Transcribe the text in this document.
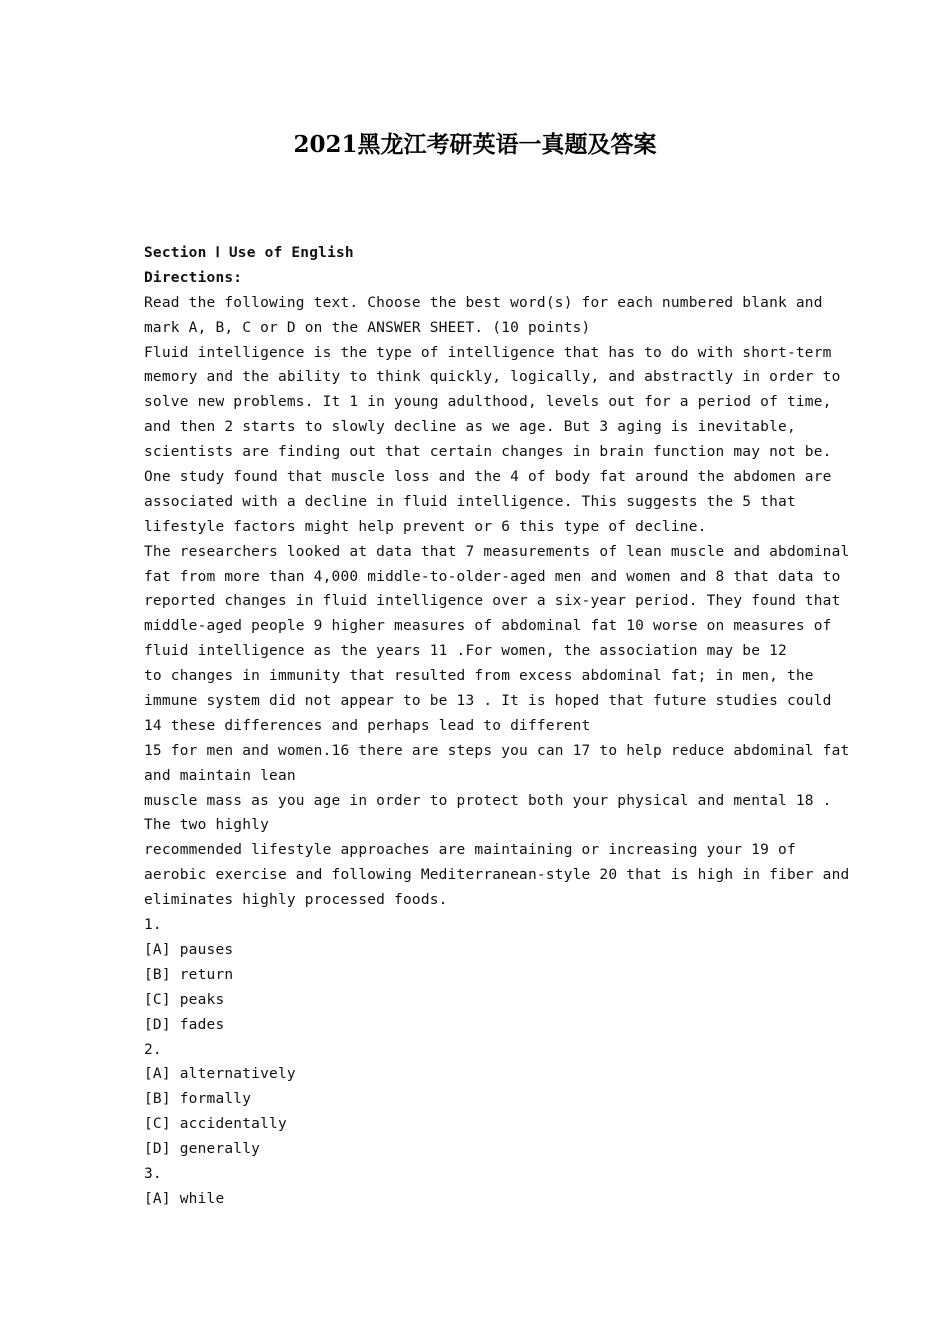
2021黑龙江考研英语一真题及答案
Section Ⅰ Use of English
Directions:
Read the following text. Choose the best word(s) for each numbered blank and
mark A, B, C or D on the ANSWER SHEET. (10 points)
Fluid intelligence is the type of intelligence that has to do with short-term
memory and the ability to think quickly, logically, and abstractly in order to
solve new problems. It 1 in young adulthood, levels out for a period of time,
and then 2 starts to slowly decline as we age. But 3 aging is inevitable,
scientists are finding out that certain changes in brain function may not be.
One study found that muscle loss and the 4 of body fat around the abdomen are
associated with a decline in fluid intelligence. This suggests the 5 that
lifestyle factors might help prevent or 6 this type of decline.
The researchers looked at data that 7 measurements of lean muscle and abdominal
fat from more than 4,000 middle-to-older-aged men and women and 8 that data to
reported changes in fluid intelligence over a six-year period. They found that
middle-aged people 9 higher measures of abdominal fat 10 worse on measures of
fluid intelligence as the years 11 .For women, the association may be 12
to changes in immunity that resulted from excess abdominal fat; in men, the
immune system did not appear to be 13 . It is hoped that future studies could
14 these differences and perhaps lead to different
15 for men and women.16 there are steps you can 17 to help reduce abdominal fat
and maintain lean
muscle mass as you age in order to protect both your physical and mental 18 .
The two highly
recommended lifestyle approaches are maintaining or increasing your 19 of
aerobic exercise and following Mediterranean-style 20 that is high in fiber and
eliminates highly processed foods.
1.
[A] pauses
[B] return
[C] peaks
[D] fades
2.
[A] alternatively
[B] formally
[C] accidentally
[D] generally
3.
[A] while
